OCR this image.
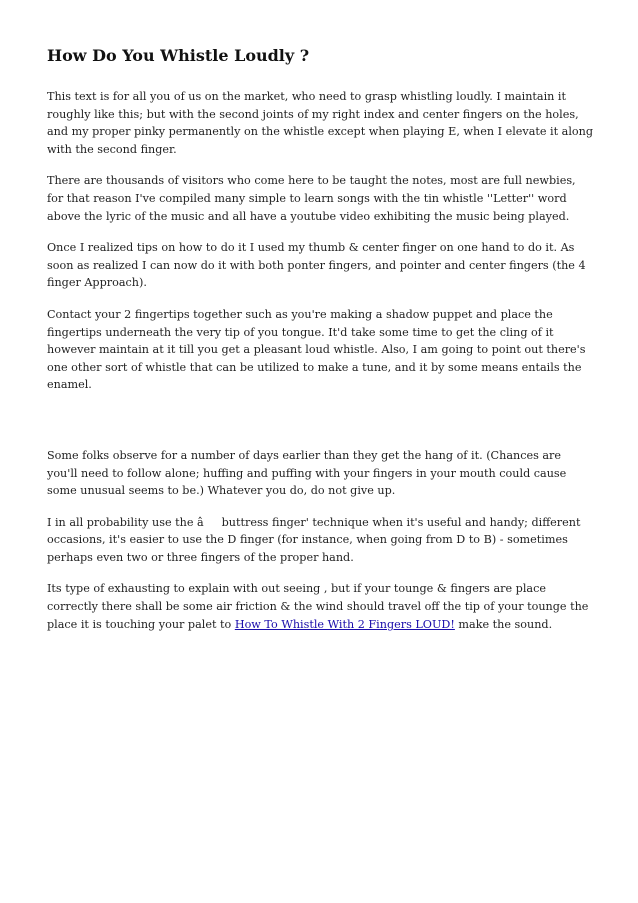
How Do You Whistle Loudly ?

This text is for all you of us on the market, who need to grasp whistling loudly. I maintain it roughly like this; but with the second joints of my right index and center fingers on the holes, and my proper pinky permanently on the whistle except when playing E, when I elevate it along with the second finger.

There are thousands of visitors who come here to be taught the notes, most are full newbies, for that reason I've compiled many simple to learn songs with the tin whistle ''Letter'' word above the lyric of the music and all have a youtube video exhibiting the music being played.

Once I realized tips on how to do it I used my thumb & center finger on one hand to do it. As soon as realized I can now do it with both ponter fingers, and pointer and center fingers (the 4 finger Approach).

Contact your 2 fingertips together such as you're making a shadow puppet and place the fingertips underneath the very tip of you tongue. It'd take some time to get the cling of it however maintain at it till you get a pleasant loud whistle. Also, I am going to point out there's one other sort of whistle that can be utilized to make a tune, and it by some means entails the enamel.

Some folks observe for a number of days earlier than they get the hang of it. (Chances are you'll need to follow alone; huffing and puffing with your fingers in your mouth could cause some unusual seems to be.) Whatever you do, do not give up.

I in all probability use the âbuttress finger' technique when it's useful and handy; different occasions, it's easier to use the D finger (for instance, when going from D to B) - sometimes perhaps even two or three fingers of the proper hand.

Its type of exhausting to explain with out seeing , but if your tounge & fingers are place correctly there shall be some air friction & the wind should travel off the tip of your tounge the place it is touching your palet to How To Whistle With 2 Fingers LOUD! make the sound.
